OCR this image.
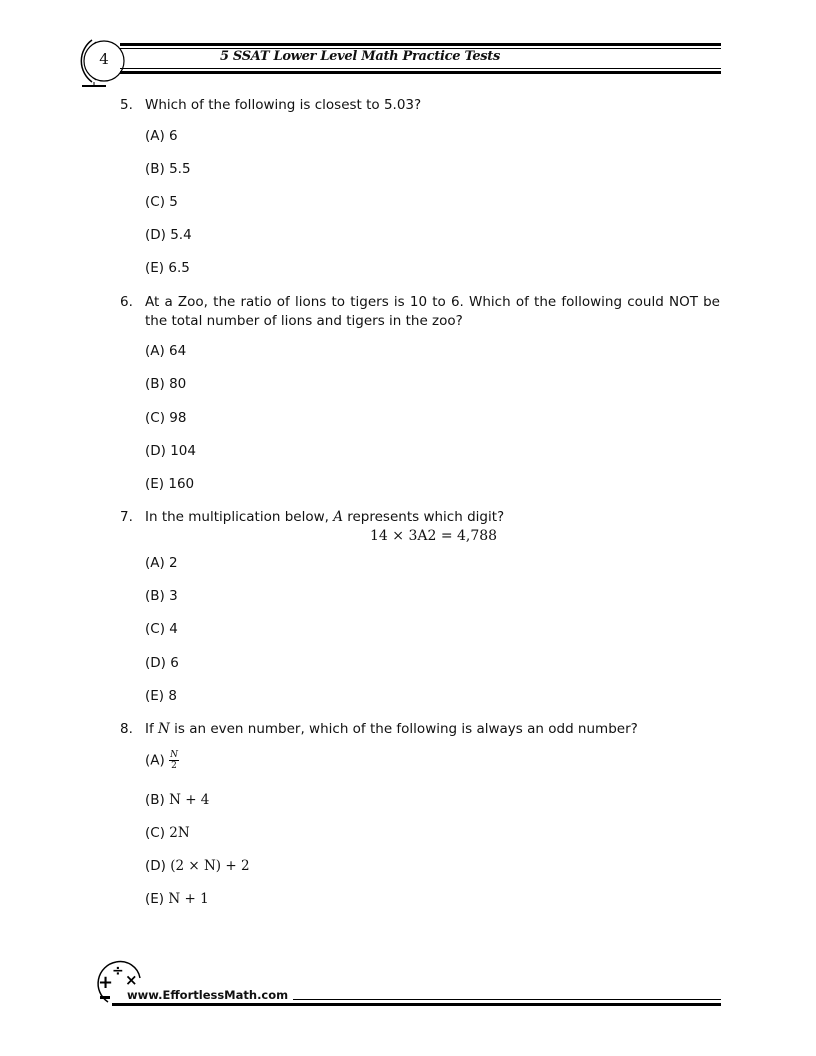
4	5 SSAT Lower Level Math Practice Tests
5. Which of the following is closest to 5.03?
(A) 6
(B) 5.5
(C) 5
(D) 5.4
(E) 6.5
6. At a Zoo, the ratio of lions to tigers is 10 to 6. Which of the following could NOT be the total number of lions and tigers in the zoo?
(A) 64
(B) 80
(C) 98
(D) 104
(E) 160
7. In the multiplication below, A represents which digit?
14 × 3A2 = 4,788
(A) 2
(B) 3
(C) 4
(D) 6
(E) 8
8. If N is an even number, which of the following is always an odd number?
$(A) \frac{N}{2}$
(B) N + 4
(C) 2N
(D) (2 × N) + 2
(E) N + 1
+
÷ ×
www.EffortlessMath.com
